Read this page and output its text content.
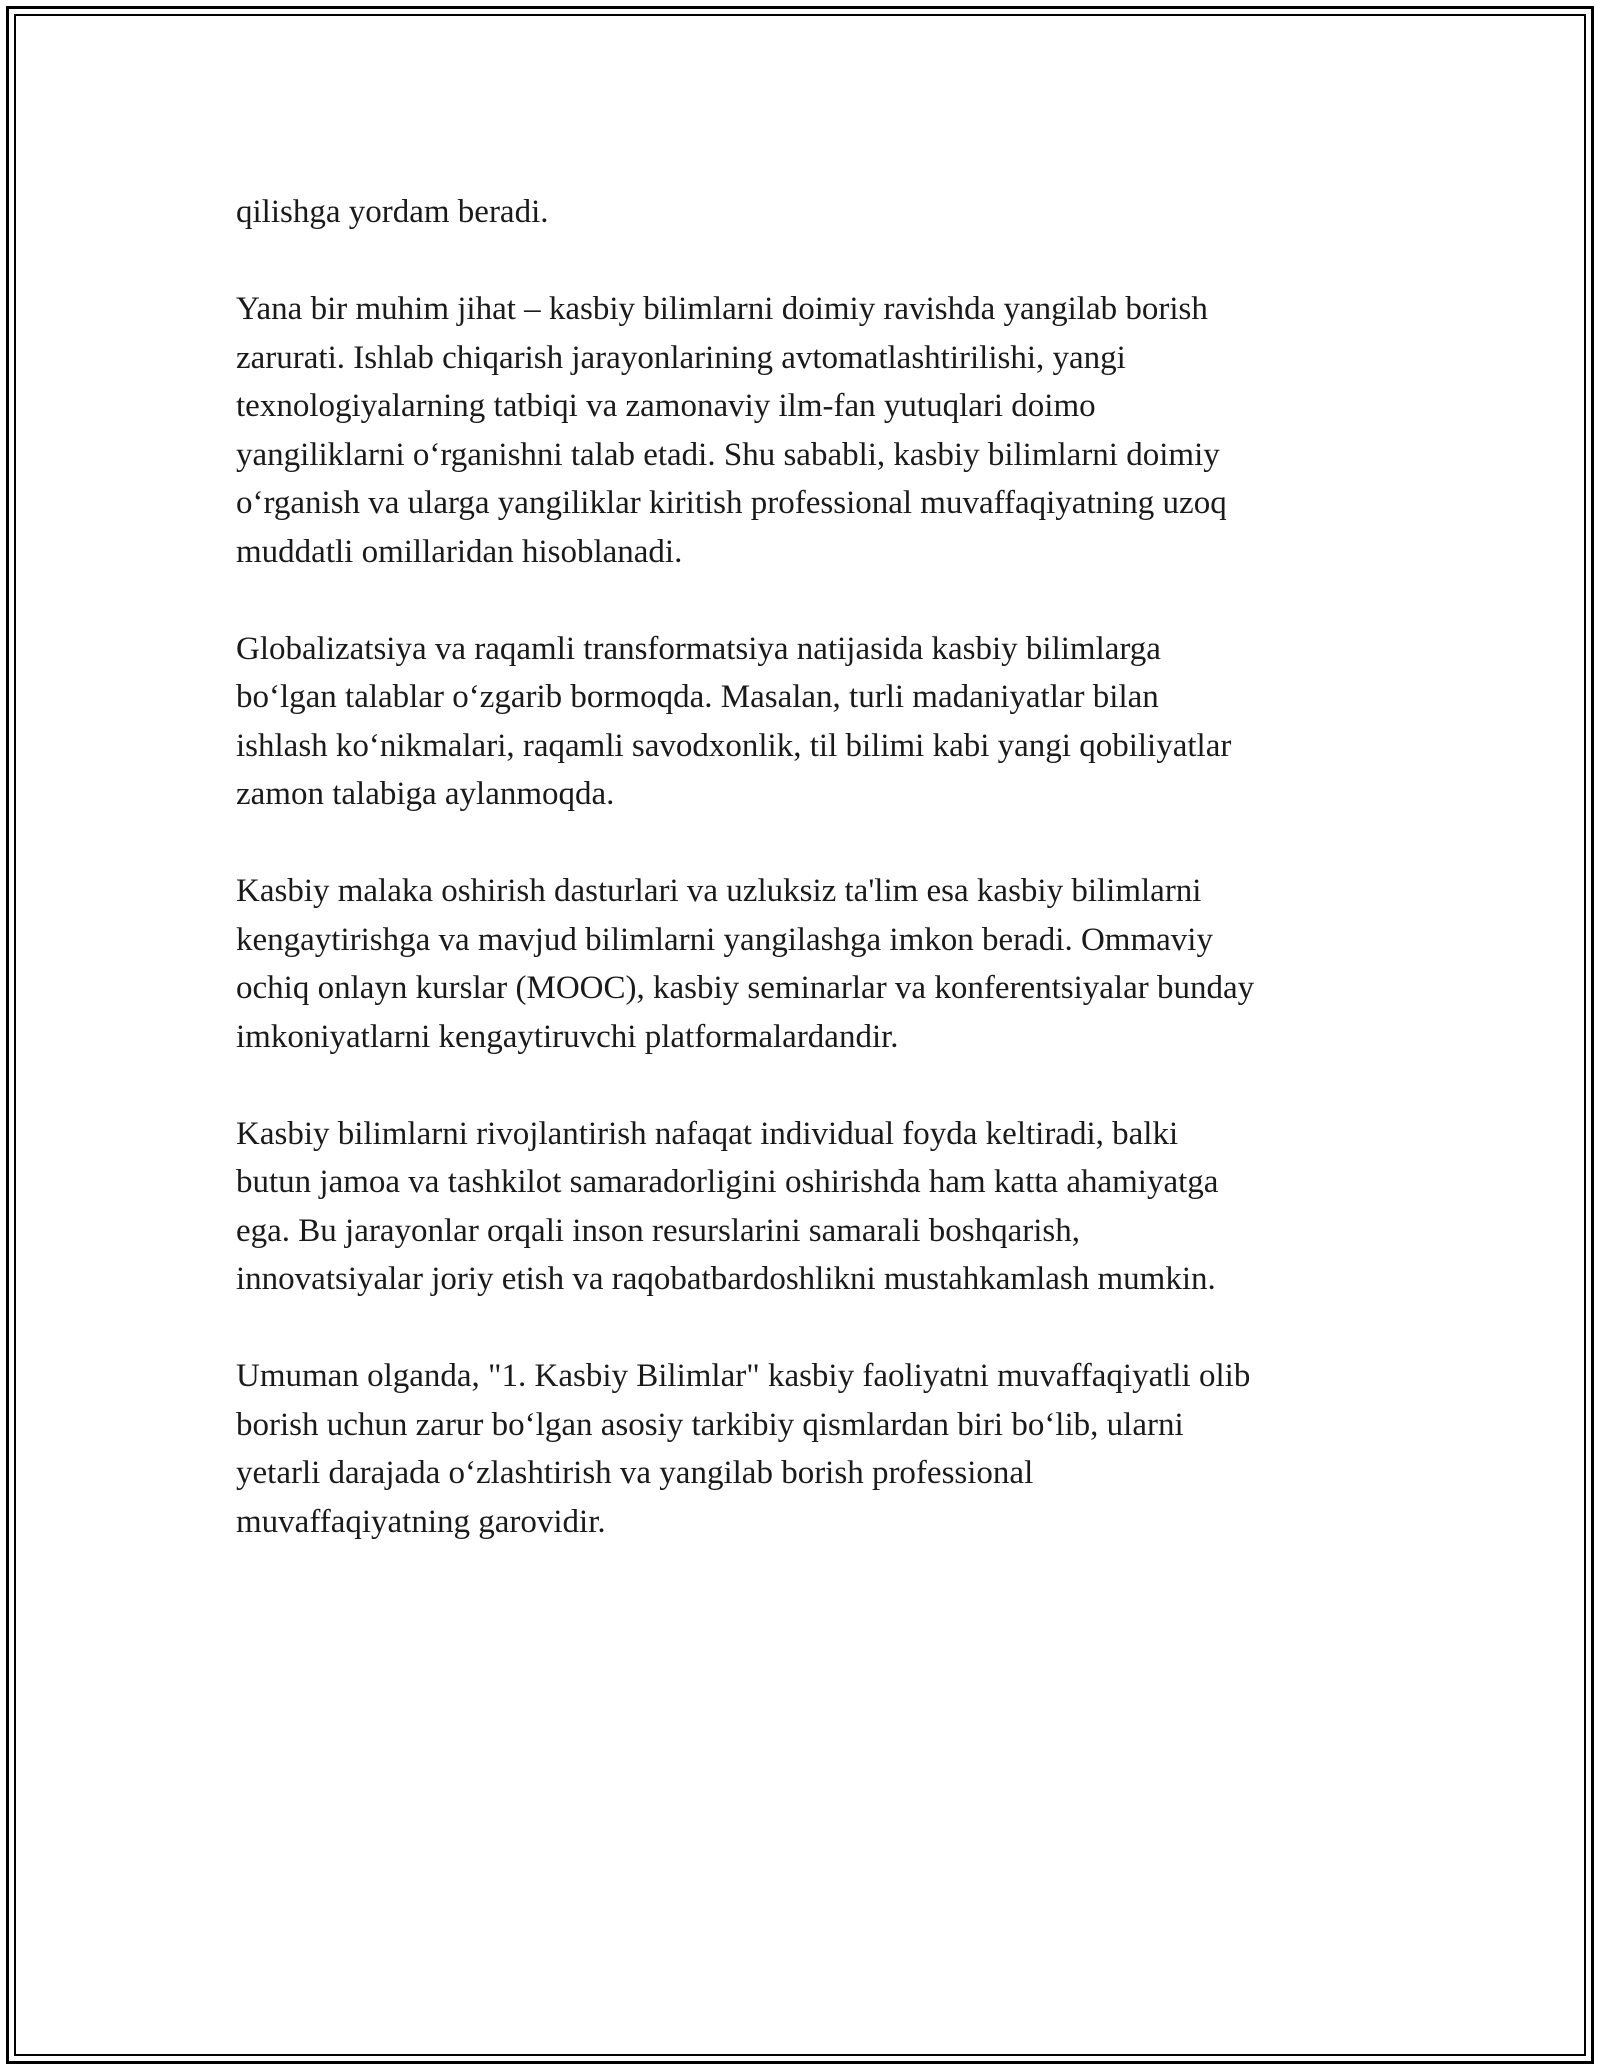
qilishga yordam beradi.

Yana bir muhim jihat – kasbiy bilimlarni doimiy ravishda yangilab borish
zarurati. Ishlab chiqarish jarayonlarining avtomatlashtirilishi, yangi
texnologiyalarning tatbiqi va zamonaviy ilm-fan yutuqlari doimo
yangiliklarni oʻrganishni talab etadi. Shu sababli, kasbiy bilimlarni doimiy
oʻrganish va ularga yangiliklar kiritish professional muvaffaqiyatning uzoq
muddatli omillaridan hisoblanadi.

Globalizatsiya va raqamli transformatsiya natijasida kasbiy bilimlarga
boʻlgan talablar oʻzgarib bormoqda. Masalan, turli madaniyatlar bilan
ishlash koʻnikmalari, raqamli savodxonlik, til bilimi kabi yangi qobiliyatlar
zamon talabiga aylanmoqda.

Kasbiy malaka oshirish dasturlari va uzluksiz ta'lim esa kasbiy bilimlarni
kengaytirishga va mavjud bilimlarni yangilashga imkon beradi. Ommaviy
ochiq onlayn kurslar (MOOC), kasbiy seminarlar va konferentsiyalar bunday
imkoniyatlarni kengaytiruvchi platformalardandir.

Kasbiy bilimlarni rivojlantirish nafaqat individual foyda keltiradi, balki
butun jamoa va tashkilot samaradorligini oshirishda ham katta ahamiyatga
ega. Bu jarayonlar orqali inson resurslarini samarali boshqarish,
innovatsiyalar joriy etish va raqobatbardoshlikni mustahkamlash mumkin.

Umuman olganda, "1. Kasbiy Bilimlar" kasbiy faoliyatni muvaffaqiyatli olib
borish uchun zarur boʻlgan asosiy tarkibiy qismlardan biri boʻlib, ularni
yetarli darajada oʻzlashtirish va yangilab borish professional
muvaffaqiyatning garovidir.
